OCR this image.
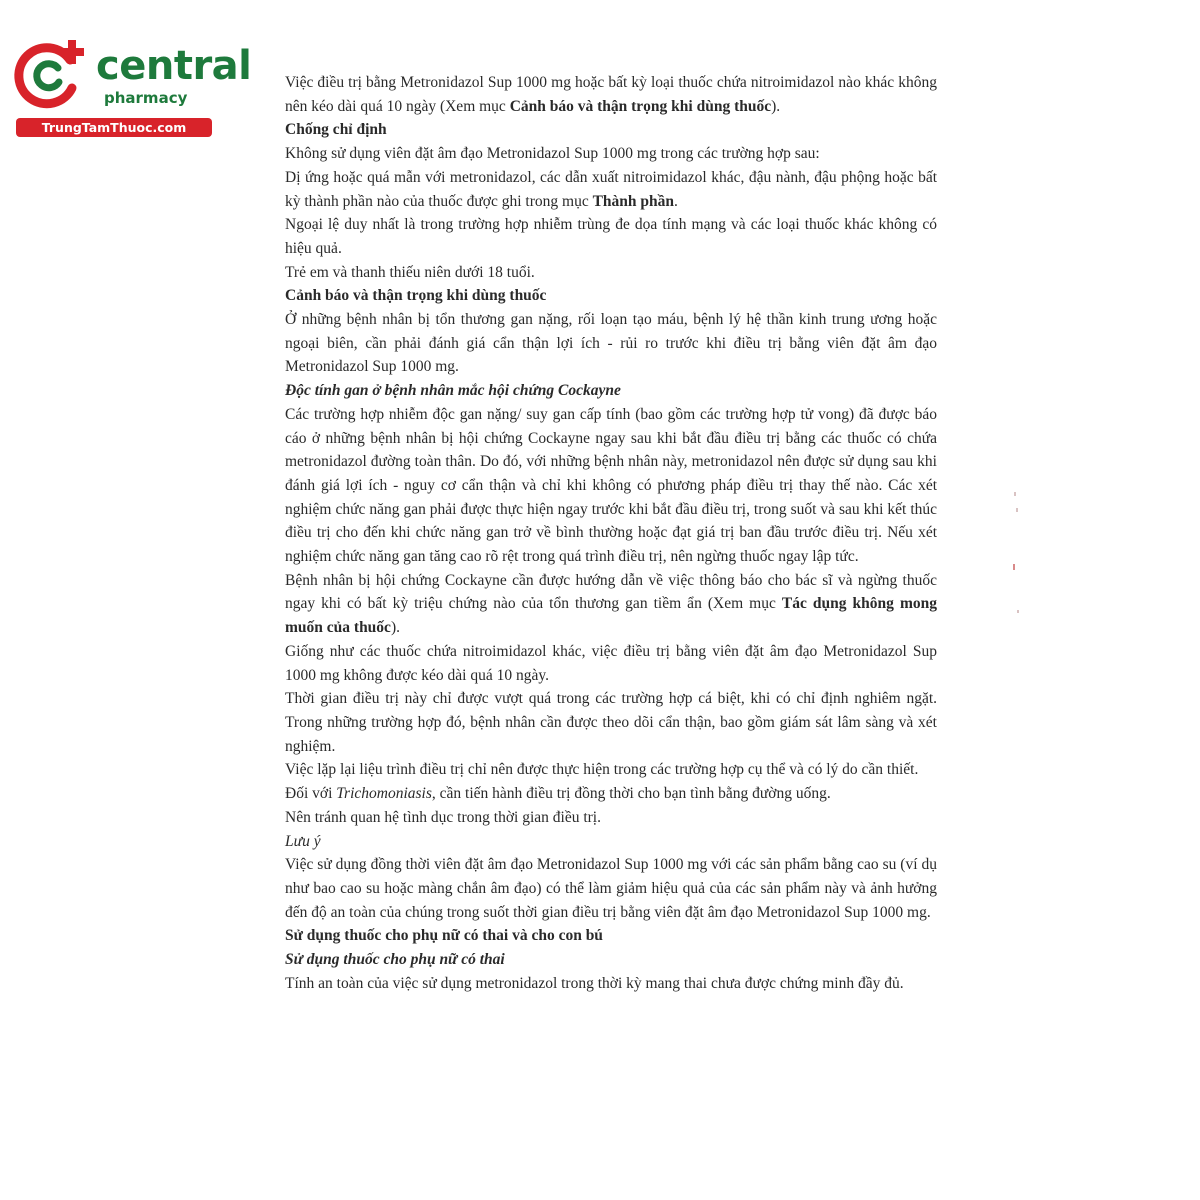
central
pharmacy
TrungTamThuoc.com

Việc điều trị bằng Metronidazol Sup 1000 mg hoặc bất kỳ loại thuốc chứa nitroimidazol nào khác không nên kéo dài quá 10 ngày (Xem mục Cảnh báo và thận trọng khi dùng thuốc).

Chống chỉ định

Không sử dụng viên đặt âm đạo Metronidazol Sup 1000 mg trong các trường hợp sau:

Dị ứng hoặc quá mẫn với metronidazol, các dẫn xuất nitroimidazol khác, đậu nành, đậu phộng hoặc bất kỳ thành phần nào của thuốc được ghi trong mục Thành phần.

Ngoại lệ duy nhất là trong trường hợp nhiễm trùng đe dọa tính mạng và các loại thuốc khác không có hiệu quả.

Trẻ em và thanh thiếu niên dưới 18 tuổi.

Cảnh báo và thận trọng khi dùng thuốc

Ở những bệnh nhân bị tổn thương gan nặng, rối loạn tạo máu, bệnh lý hệ thần kinh trung ương hoặc ngoại biên, cần phải đánh giá cẩn thận lợi ích - rủi ro trước khi điều trị bằng viên đặt âm đạo Metronidazol Sup 1000 mg.

Độc tính gan ở bệnh nhân mắc hội chứng Cockayne

Các trường hợp nhiễm độc gan nặng/ suy gan cấp tính (bao gồm các trường hợp tử vong) đã được báo cáo ở những bệnh nhân bị hội chứng Cockayne ngay sau khi bắt đầu điều trị bằng các thuốc có chứa metronidazol đường toàn thân. Do đó, với những bệnh nhân này, metronidazol nên được sử dụng sau khi đánh giá lợi ích - nguy cơ cẩn thận và chỉ khi không có phương pháp điều trị thay thế nào. Các xét nghiệm chức năng gan phải được thực hiện ngay trước khi bắt đầu điều trị, trong suốt và sau khi kết thúc điều trị cho đến khi chức năng gan trở về bình thường hoặc đạt giá trị ban đầu trước điều trị. Nếu xét nghiệm chức năng gan tăng cao rõ rệt trong quá trình điều trị, nên ngừng thuốc ngay lập tức.

Bệnh nhân bị hội chứng Cockayne cần được hướng dẫn về việc thông báo cho bác sĩ và ngừng thuốc ngay khi có bất kỳ triệu chứng nào của tổn thương gan tiềm ẩn (Xem mục Tác dụng không mong muốn của thuốc).

Giống như các thuốc chứa nitroimidazol khác, việc điều trị bằng viên đặt âm đạo Metronidazol Sup 1000 mg không được kéo dài quá 10 ngày.

Thời gian điều trị này chỉ được vượt quá trong các trường hợp cá biệt, khi có chỉ định nghiêm ngặt. Trong những trường hợp đó, bệnh nhân cần được theo dõi cẩn thận, bao gồm giám sát lâm sàng và xét nghiệm.

Việc lặp lại liệu trình điều trị chỉ nên được thực hiện trong các trường hợp cụ thể và có lý do cần thiết.

Đối với Trichomoniasis, cần tiến hành điều trị đồng thời cho bạn tình bằng đường uống.

Nên tránh quan hệ tình dục trong thời gian điều trị.

Lưu ý

Việc sử dụng đồng thời viên đặt âm đạo Metronidazol Sup 1000 mg với các sản phẩm bằng cao su (ví dụ như bao cao su hoặc màng chắn âm đạo) có thể làm giảm hiệu quả của các sản phẩm này và ảnh hưởng đến độ an toàn của chúng trong suốt thời gian điều trị bằng viên đặt âm đạo Metronidazol Sup 1000 mg.

Sử dụng thuốc cho phụ nữ có thai và cho con bú

Sử dụng thuốc cho phụ nữ có thai

Tính an toàn của việc sử dụng metronidazol trong thời kỳ mang thai chưa được chứng minh đầy đủ.
